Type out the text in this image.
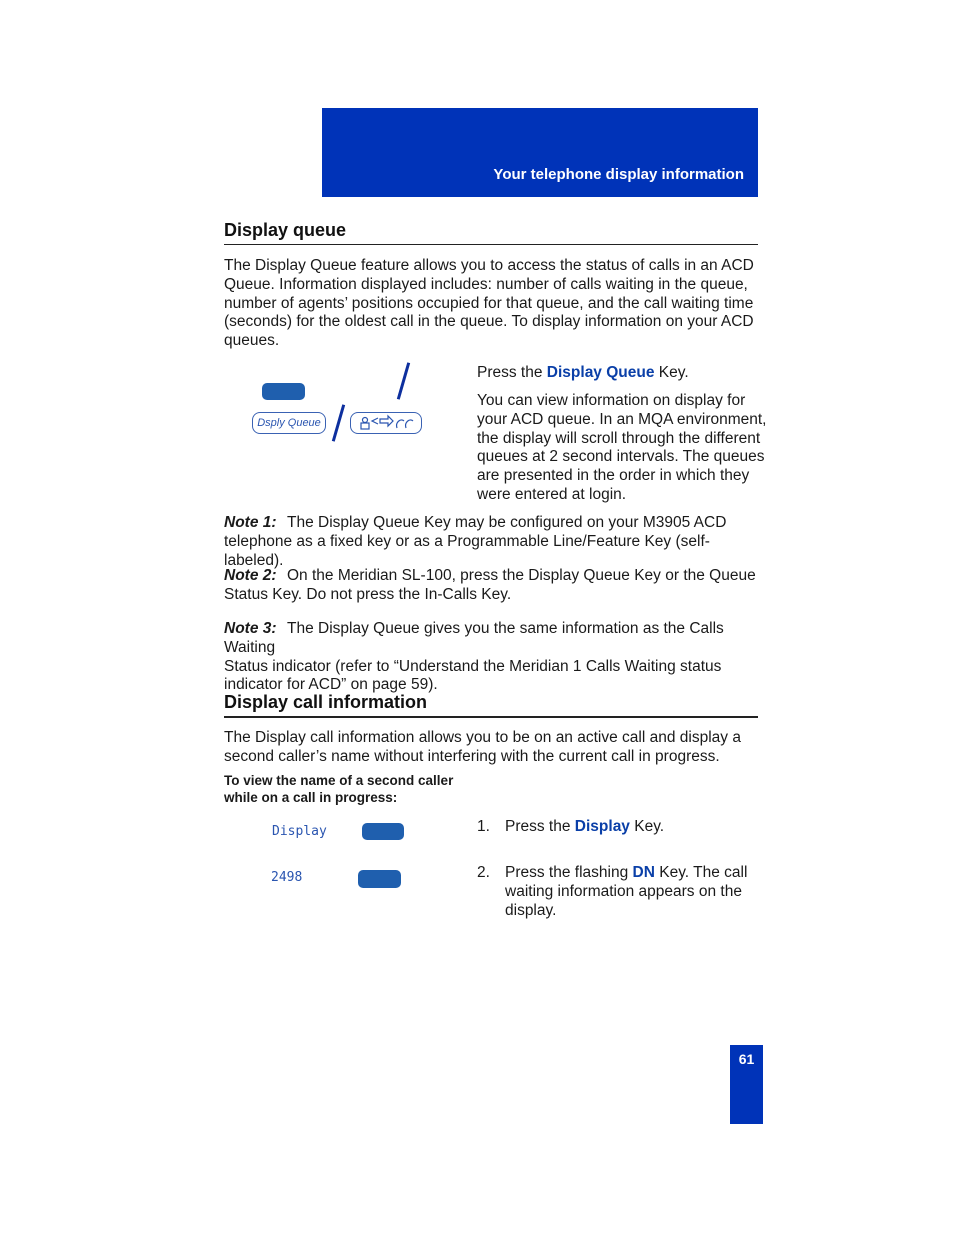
Your telephone display information
Display queue
The Display Queue feature allows you to access the status of calls in an ACD
Queue. Information displayed includes: number of calls waiting in the queue,
number of agents’ positions occupied for that queue, and the call waiting time
(seconds) for the oldest call in the queue. To display information on your ACD
queues.
Dsply Queue
Press the Display Queue Key.
You can view information on display for
your ACD queue. In an MQA environment,
the display will scroll through the different
queues at 2 second intervals. The queues
are presented in the order in which they
were entered at login.
Note 1: The Display Queue Key may be configured on your M3905 ACD
telephone as a fixed key or as a Programmable Line/Feature Key (self-labeled).
Note 2: On the Meridian SL-100, press the Display Queue Key or the Queue
Status Key. Do not press the In-Calls Key.
Note 3: The Display Queue gives you the same information as the Calls Waiting
Status indicator (refer to “Understand the Meridian 1 Calls Waiting status
indicator for ACD” on page 59).
Display call information
The Display call information allows you to be on an active call and display a
second caller’s name without interfering with the current call in progress.
To view the name of a second caller
while on a call in progress:
Display
2498
1. Press the Display Key.
2. Press the flashing DN Key. The call
waiting information appears on the
display.
61
